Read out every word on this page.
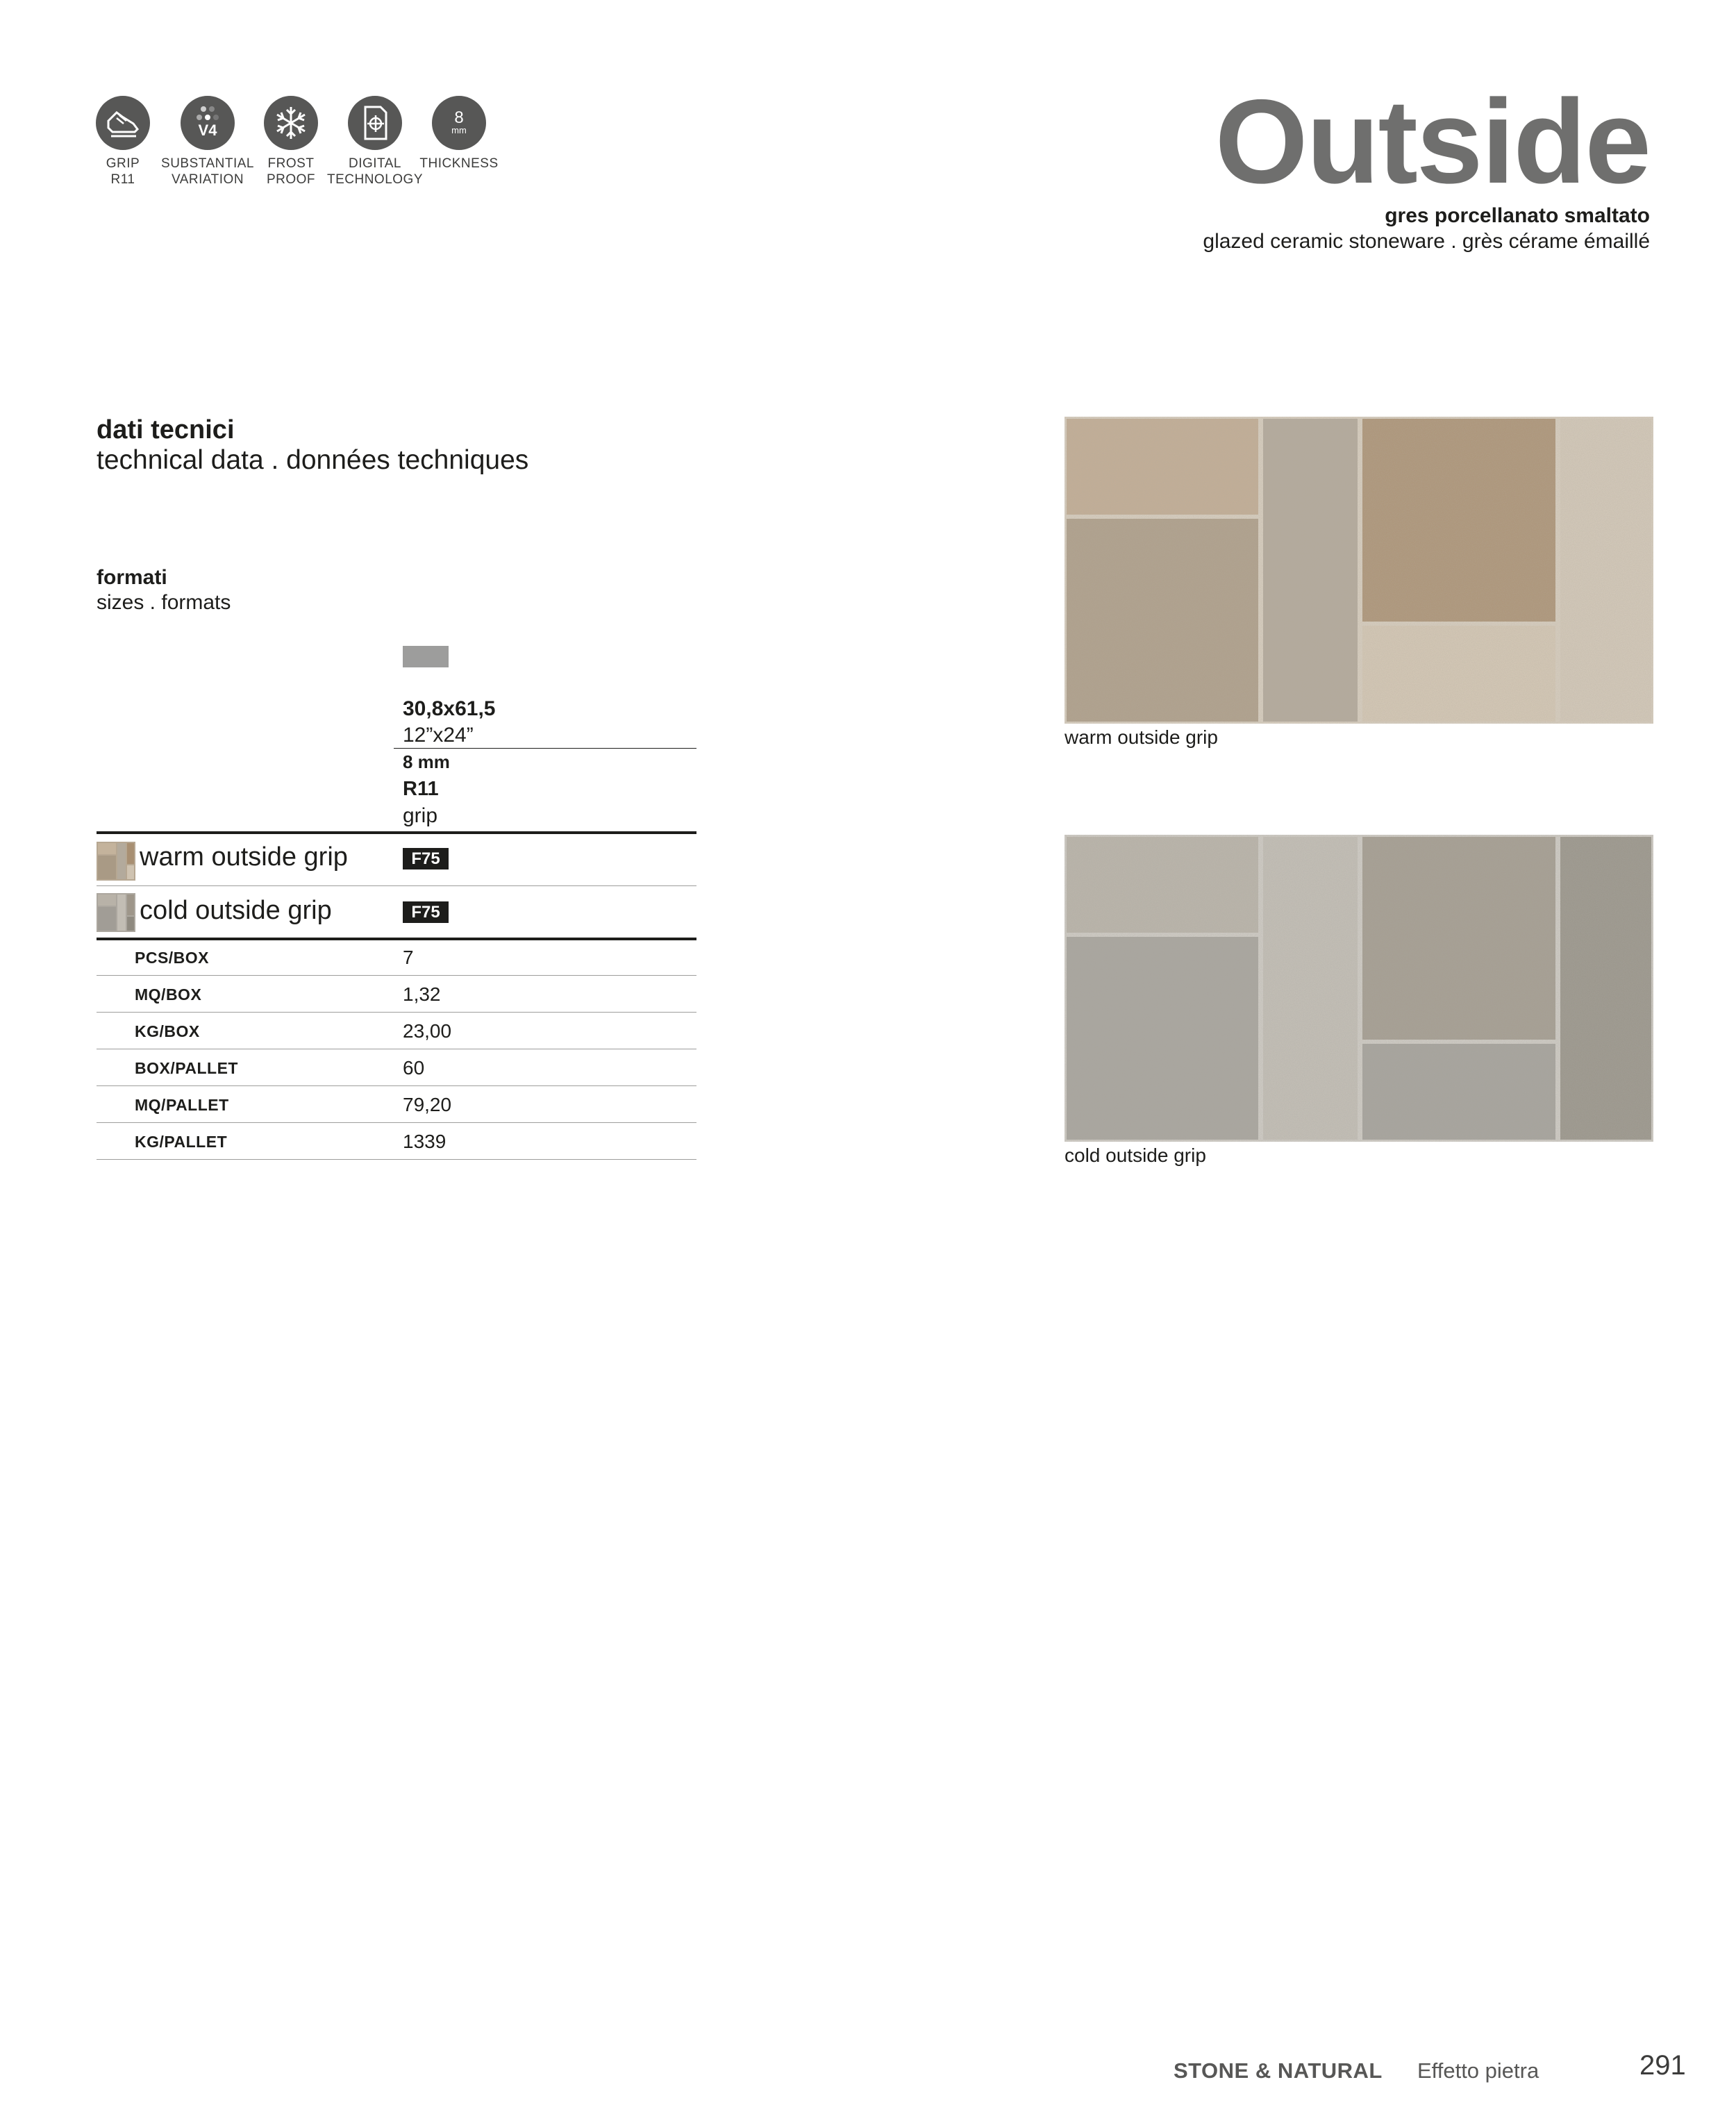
GRIP
R11
V4
SUBSTANTIAL
VARIATION
FROST
PROOF
DIGITAL
TECHNOLOGY
8
mm
THICKNESS	Outside
gres porcellanato smaltato
glazed ceramic stoneware . grès cérame émaillé
dati tecnici
technical data . données techniques
formati
sizes . formats
30,8x61,5
12”x24”
8 mm
R11
grip
warm outside grip	F75
cold outside grip	F75
PCS/BOX	7
MQ/BOX	1,32
KG/BOX	23,00
BOX/PALLET	60
MQ/PALLET	79,20
KG/PALLET	1339
warm outside grip
cold outside grip
STONE & NATURAL Effetto pietra	291
